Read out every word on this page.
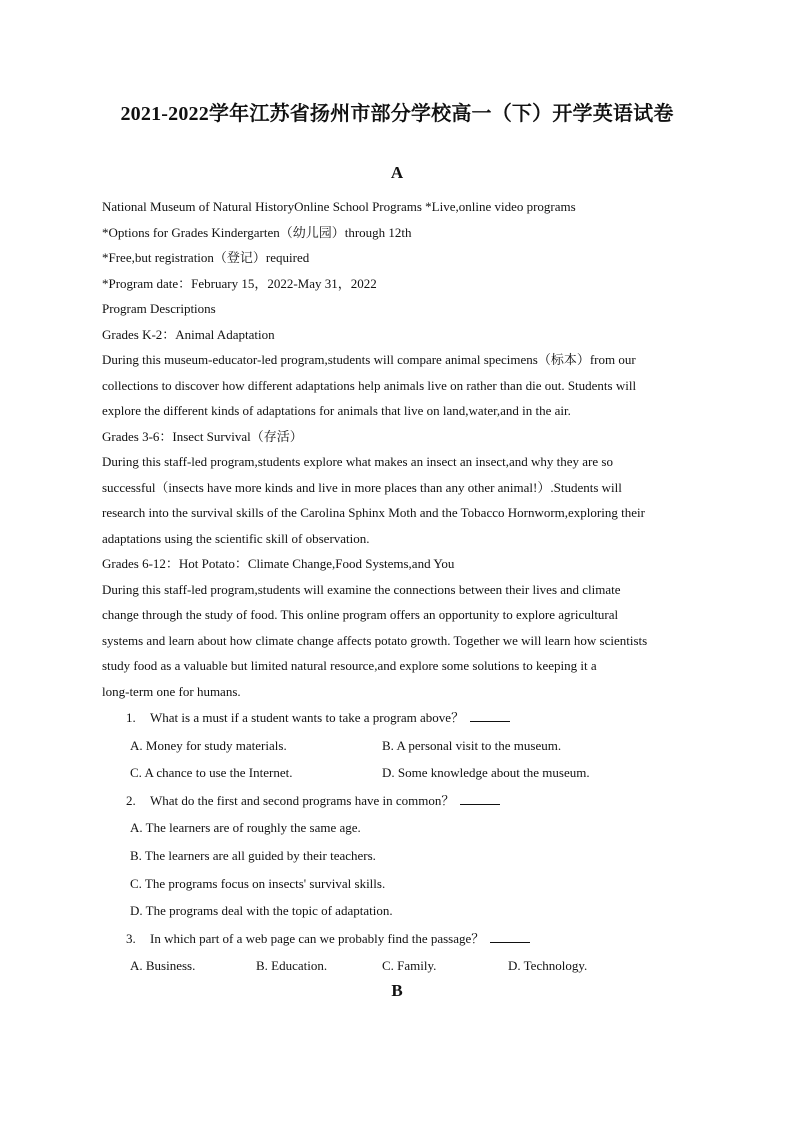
2021-2022学年江苏省扬州市部分学校高一（下）开学英语试卷
A
National Museum of Natural HistoryOnline School Programs *Live,online video programs
*Options for Grades Kindergarten（幼儿园）through 12th
*Free,but registration（登记）required
*Program date：February 15，2022-May 31，2022
Program Descriptions
Grades K-2：Animal Adaptation
During this museum-educator-led program,students will compare animal specimens（标本）from our
collections to discover how different adaptations help animals live on rather than die out. Students will
explore the different kinds of adaptations for animals that live on land,water,and in the air.
Grades 3-6：Insect Survival（存活）
During this staff-led program,students explore what makes an insect an insect,and why they are so
successful（insects have more kinds and live in more places than any other animal!）.Students will
research into the survival skills of the Carolina Sphinx Moth and the Tobacco Hornworm,exploring their
adaptations using the scientific skill of observation.
Grades 6-12：Hot Potato：Climate Change,Food Systems,and You
During this staff-led program,students will examine the connections between their lives and climate
change through the study of food. This online program offers an opportunity to explore agricultural
systems and learn about how climate change affects potato growth. Together we will learn how scientists
study food as a valuable but limited natural resource,and explore some solutions to keeping it a
long-term one for humans.
1. What is a must if a student wants to take a program above？
A. Money for study materials.	B. A personal visit to the museum.
C. A chance to use the Internet.	D. Some knowledge about the museum.
2. What do the first and second programs have in common？
A. The learners are of roughly the same age.
B. The learners are all guided by their teachers.
C. The programs focus on insects' survival skills.
D. The programs deal with the topic of adaptation.
3. In which part of a web page can we probably find the passage？
A. Business.	B. Education.	C. Family.	D. Technology.
B
